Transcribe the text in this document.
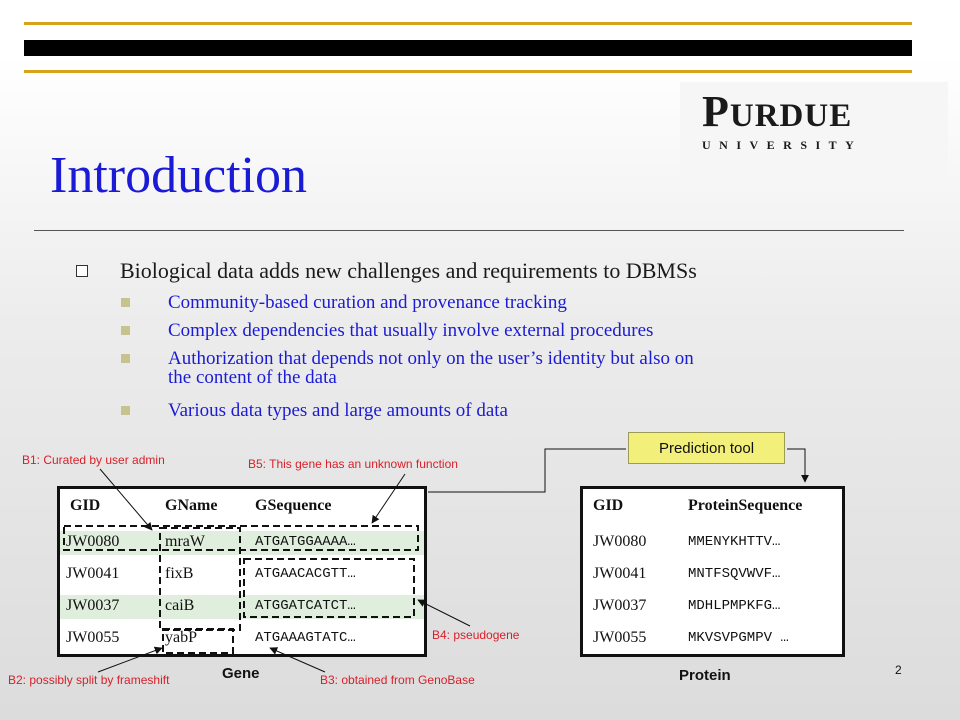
PURDUE
UNIVERSITY
Introduction
Biological data adds new challenges and requirements to DBMSs
Community-based curation and provenance tracking
Complex dependencies that usually involve external procedures
Authorization that depends not only on the user’s identity but also on
the content of the data
Various data types and large amounts of data
B1: Curated by user admin	B5: This gene has an unknown function
B4: pseudogene
B2: possibly split by frameshift	B3: obtained from GenoBase
GID	GName GSequence
JW0080	mraW	ATGATGGAAAA…
JW0041	fixB	ATGAACACGTT…
JW0037	caiB	ATGGATCATCT…
JW0055	yabP	ATGAAAGTATC…
Gene
GID	ProteinSequence
JW0080	MMENYKHTTV…
JW0041	MNTFSQVWVF…
JW0037	MDHLPMPKFG…
JW0055	MKVSVPGMPV …
Protein
Prediction tool
2
